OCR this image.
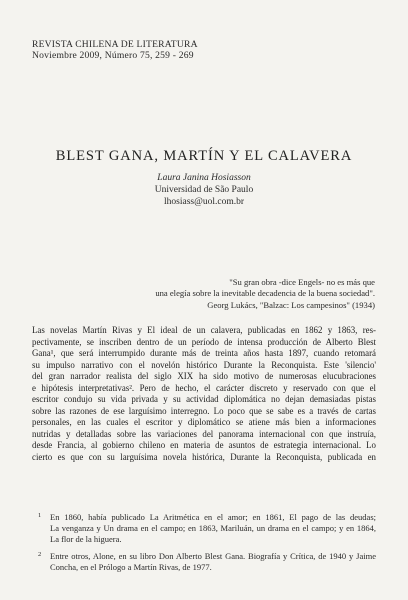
REVISTA CHILENA DE LITERATURA
Noviembre 2009, Número 75, 259 - 269
BLEST GANA, MARTÍN Y EL CALAVERA
Laura Janina Hosiasson
Universidad de São Paulo
lhosiass@uol.com.br
"Su gran obra -dice Engels- no es más que
una elegía sobre la inevitable decadencia de la buena sociedad".
Georg Lukács, "Balzac: Los campesinos" (1934)
Las novelas Martín Rivas y El ideal de un calavera, publicadas en 1862 y 1863, res-
pectivamente, se inscriben dentro de un período de intensa producción de Alberto Blest
Gana¹, que será interrumpido durante más de treinta años hasta 1897, cuando retomará
su impulso narrativo con el novelón histórico Durante la Reconquista. Este 'silencio'
del gran narrador realista del siglo XIX ha sido motivo de numerosas elucubraciones
e hipótesis interpretativas². Pero de hecho, el carácter discreto y reservado con que el
escritor condujo su vida privada y su actividad diplomática no dejan demasiadas pistas
sobre las razones de ese larguísimo interregno. Lo poco que se sabe es a través de cartas
personales, en las cuales el escritor y diplomático se atiene más bien a informaciones
nutridas y detalladas sobre las variaciones del panorama internacional con que instruía,
desde Francia, al gobierno chileno en materia de asuntos de estrategia internacional. Lo
cierto es que con su larguísima novela histórica, Durante la Reconquista, publicada en
1 En 1860, había publicado La Aritmética en el amor; en 1861, El pago de las deudas;
La venganza y Un drama en el campo; en 1863, Mariluán, un drama en el campo; y en 1864,
La flor de la higuera.
2 Entre otros, Alone, en su libro Don Alberto Blest Gana. Biografía y Crítica, de 1940 y Jaime
Concha, en el Prólogo a Martín Rivas, de 1977.
